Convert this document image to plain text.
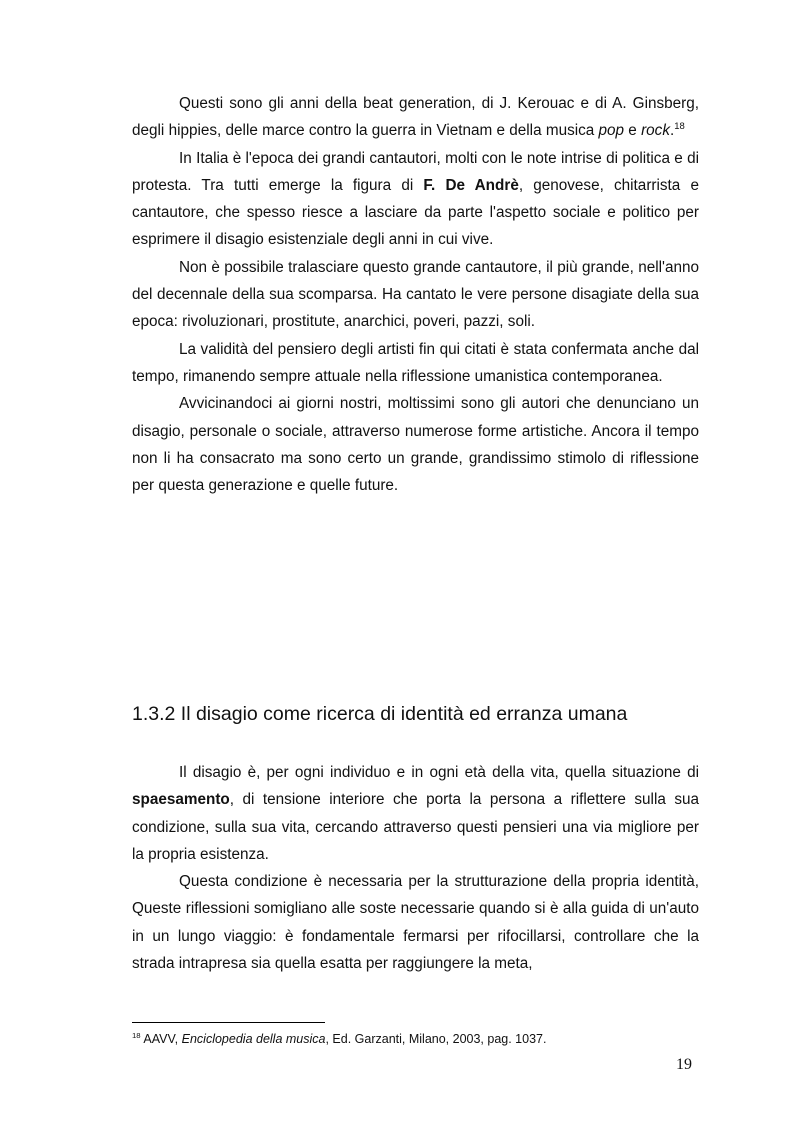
Questi sono gli anni della beat generation, di J. Kerouac e di A. Ginsberg, degli hippies, delle marce contro la guerra in Vietnam e della musica pop e rock.$^{18}$

In Italia è l'epoca dei grandi cantautori, molti con le note intrise di politica e di protesta. Tra tutti emerge la figura di F. De Andrè, genovese, chitarrista e cantautore, che spesso riesce a lasciare da parte l'aspetto sociale e politico per esprimere il disagio esistenziale degli anni in cui vive.

Non è possibile tralasciare questo grande cantautore, il più grande, nell'anno del decennale della sua scomparsa. Ha cantato le vere persone disagiate della sua epoca: rivoluzionari, prostitute, anarchici, poveri, pazzi, soli.

La validità del pensiero degli artisti fin qui citati è stata confermata anche dal tempo, rimanendo sempre attuale nella riflessione umanistica contemporanea.

Avvicinandoci ai giorni nostri, moltissimi sono gli autori che denunciano un disagio, personale o sociale, attraverso numerose forme artistiche. Ancora il tempo non li ha consacrato ma sono certo un grande, grandissimo stimolo di riflessione per questa generazione e quelle future.

1.3.2 Il disagio come ricerca di identità ed erranza umana

Il disagio è, per ogni individuo e in ogni età della vita, quella situazione di spaesamento, di tensione interiore che porta la persona a riflettere sulla sua condizione, sulla sua vita, cercando attraverso questi pensieri una via migliore per la propria esistenza.

Questa condizione è necessaria per la strutturazione della propria identità, Queste riflessioni somigliano alle soste necessarie quando si è alla guida di un'auto in un lungo viaggio: è fondamentale fermarsi per rifocillarsi, controllare che la strada intrapresa sia quella esatta per raggiungere la meta,

$^{18}$ AAVV, Enciclopedia della musica, Ed. Garzanti, Milano, 2003, pag. 1037.

19
